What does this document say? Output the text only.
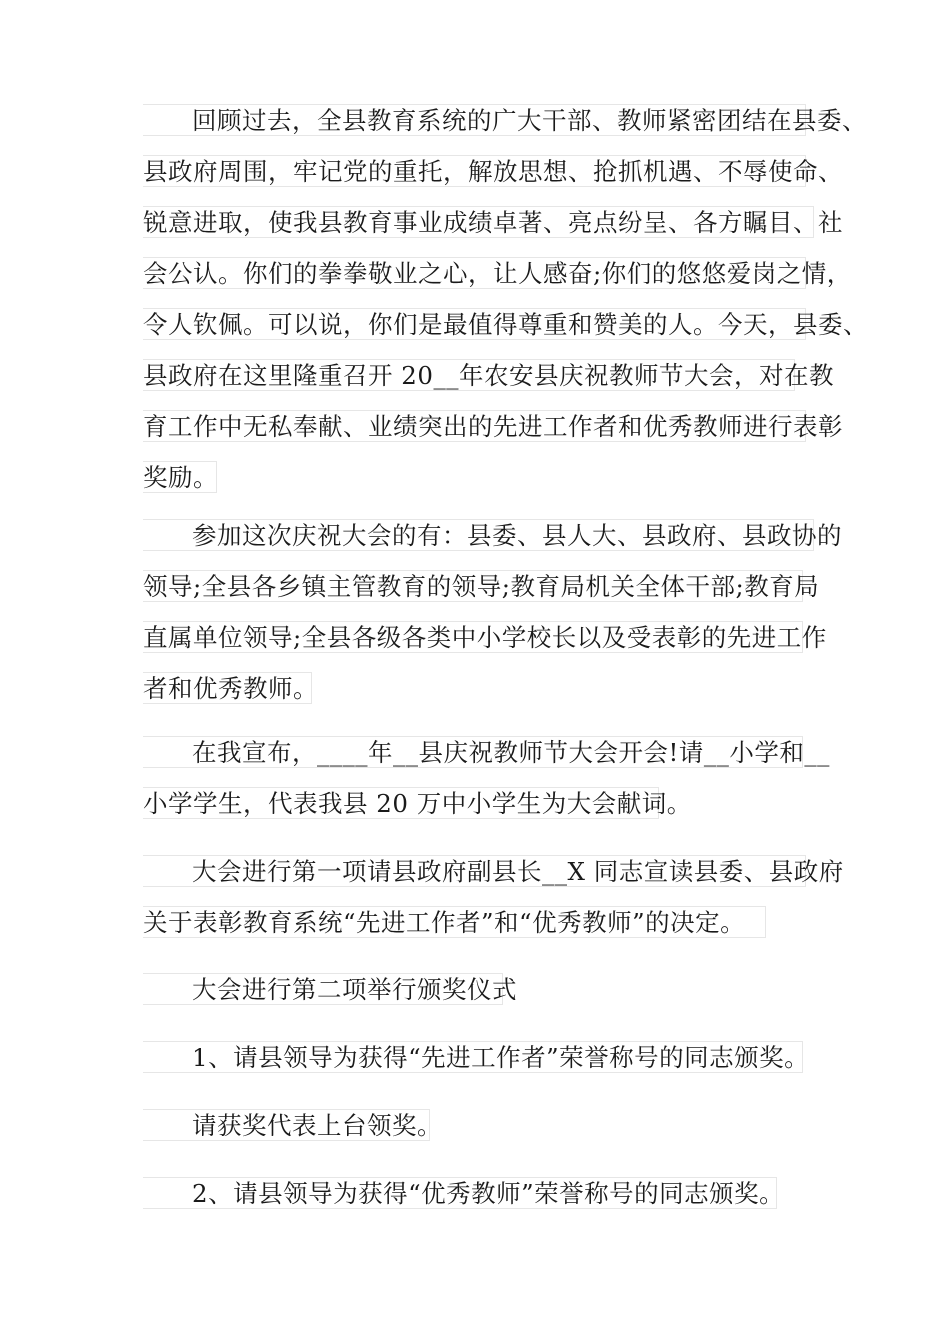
回顾过去，全县教育系统的广大干部、教师紧密团结在县委、
县政府周围，牢记党的重托，解放思想、抢抓机遇、不辱使命、
锐意进取，使我县教育事业成绩卓著、亮点纷呈、各方瞩目、社
会公认。你们的拳拳敬业之心，让人感奋;你们的悠悠爱岗之情，
令人钦佩。可以说，你们是最值得尊重和赞美的人。今天，县委、
县政府在这里隆重召开 20__年农安县庆祝教师节大会，对在教
育工作中无私奉献、业绩突出的先进工作者和优秀教师进行表彰
奖励。
参加这次庆祝大会的有：县委、县人大、县政府、县政协的
领导;全县各乡镇主管教育的领导;教育局机关全体干部;教育局
直属单位领导;全县各级各类中小学校长以及受表彰的先进工作
者和优秀教师。
在我宣布，____年__县庆祝教师节大会开会!请__小学和__
小学学生，代表我县 20 万中小学生为大会献词。
大会进行第一项请县政府副县长__X 同志宣读县委、县政府
关于表彰教育系统“先进工作者”和“优秀教师”的决定。
大会进行第二项举行颁奖仪式
1、请县领导为获得“先进工作者”荣誉称号的同志颁奖。
请获奖代表上台领奖。
2、请县领导为获得“优秀教师”荣誉称号的同志颁奖。
